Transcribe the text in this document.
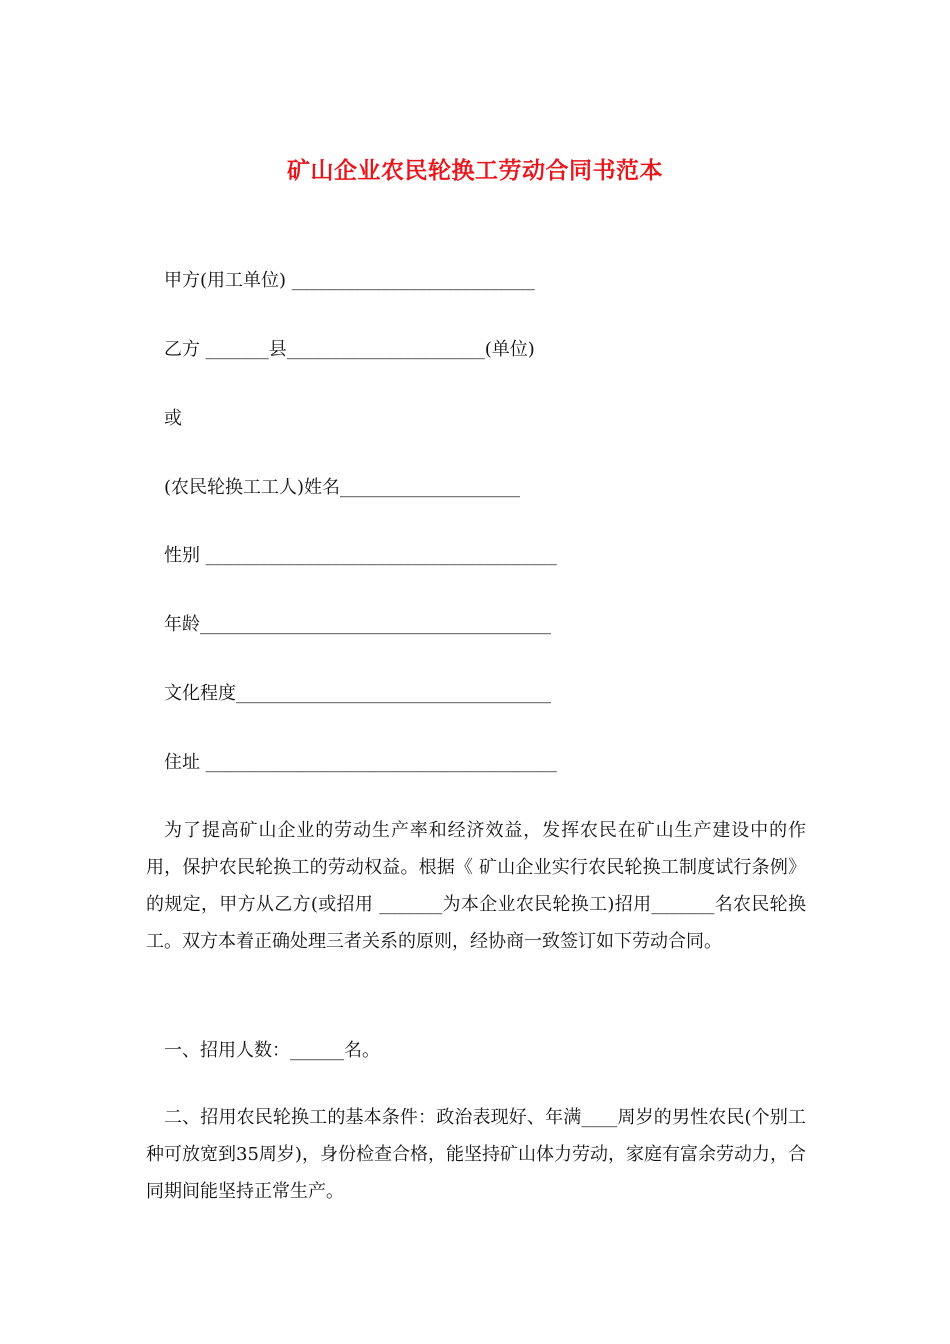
矿山企业农民轮换工劳动合同书范本
甲方(用工单位) ___________________________
乙方 _______县______________________(单位)
或
(农民轮换工工人)姓名____________________
性别 _______________________________________
年龄_______________________________________
文化程度___________________________________
住址 _______________________________________
为了提高矿山企业的劳动生产率和经济效益，发挥农民在矿山生产建设中的作用，保护农民轮换工的劳动权益。根据《 矿山企业实行农民轮换工制度试行条例》的规定，甲方从乙方(或招用 _______为本企业农民轮换工)招用_______名农民轮换工。双方本着正确处理三者关系的原则，经协商一致签订如下劳动合同。
一、招用人数：______名。
二、招用农民轮换工的基本条件：政治表现好、年满____周岁的男性农民(个别工种可放宽到35周岁)，身份检查合格，能坚持矿山体力劳动，家庭有富余劳动力，合同期间能坚持正常生产。
